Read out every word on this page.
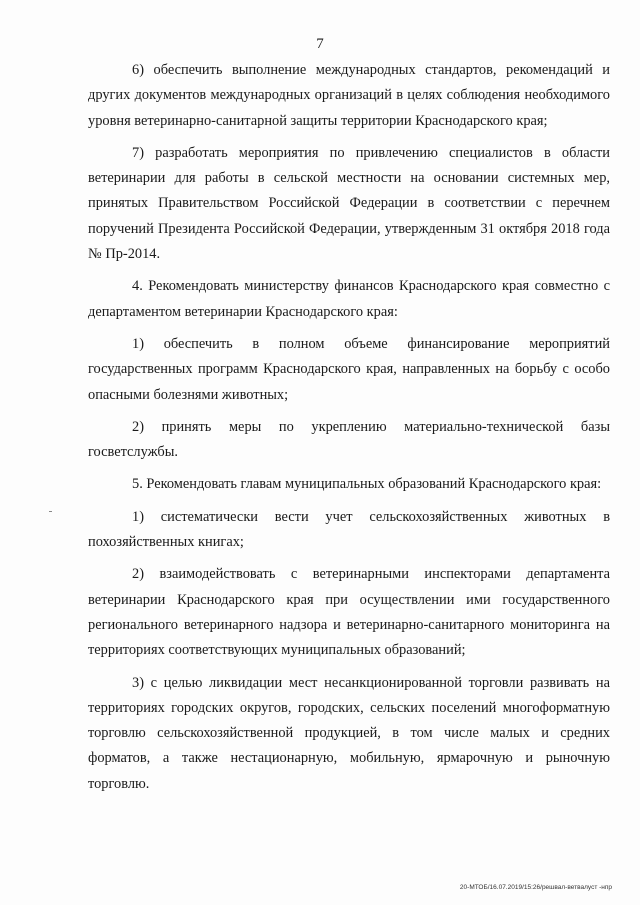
7

6) обеспечить выполнение международных стандартов, рекомендаций и других документов международных организаций в целях соблюдения необходимого уровня ветеринарно-санитарной защиты территории Краснодарского края;

7) разработать мероприятия по привлечению специалистов в области ветеринарии для работы в сельской местности на основании системных мер, принятых Правительством Российской Федерации в соответствии с перечнем поручений Президента Российской Федерации, утвержденным 31 октября 2018 года № Пр-2014.

4. Рекомендовать министерству финансов Краснодарского края совместно с департаментом ветеринарии Краснодарского края:

1) обеспечить в полном объеме финансирование мероприятий государственных программ Краснодарского края, направленных на борьбу с особо опасными болезнями животных;

2) принять меры по укреплению материально-технической базы госветслужбы.

5. Рекомендовать главам муниципальных образований Краснодарского края:

1) систематически вести учет сельскохозяйственных животных в похозяйственных книгах;

2) взаимодействовать с ветеринарными инспекторами департамента ветеринарии Краснодарского края при осуществлении ими государственного регионального ветеринарного надзора и ветеринарно-санитарного мониторинга на территориях соответствующих муниципальных образований;

3) с целью ликвидации мест несанкционированной торговли развивать на территориях городских округов, городских, сельских поселений многоформатную торговлю сельскохозяйственной продукцией, в том числе малых и средних форматов, а также нестационарную, мобильную, ярмарочную и рыночную торговлю.

20-МТОБ/16.07.2019/15:26/решвал-ветвалуст -нпр
